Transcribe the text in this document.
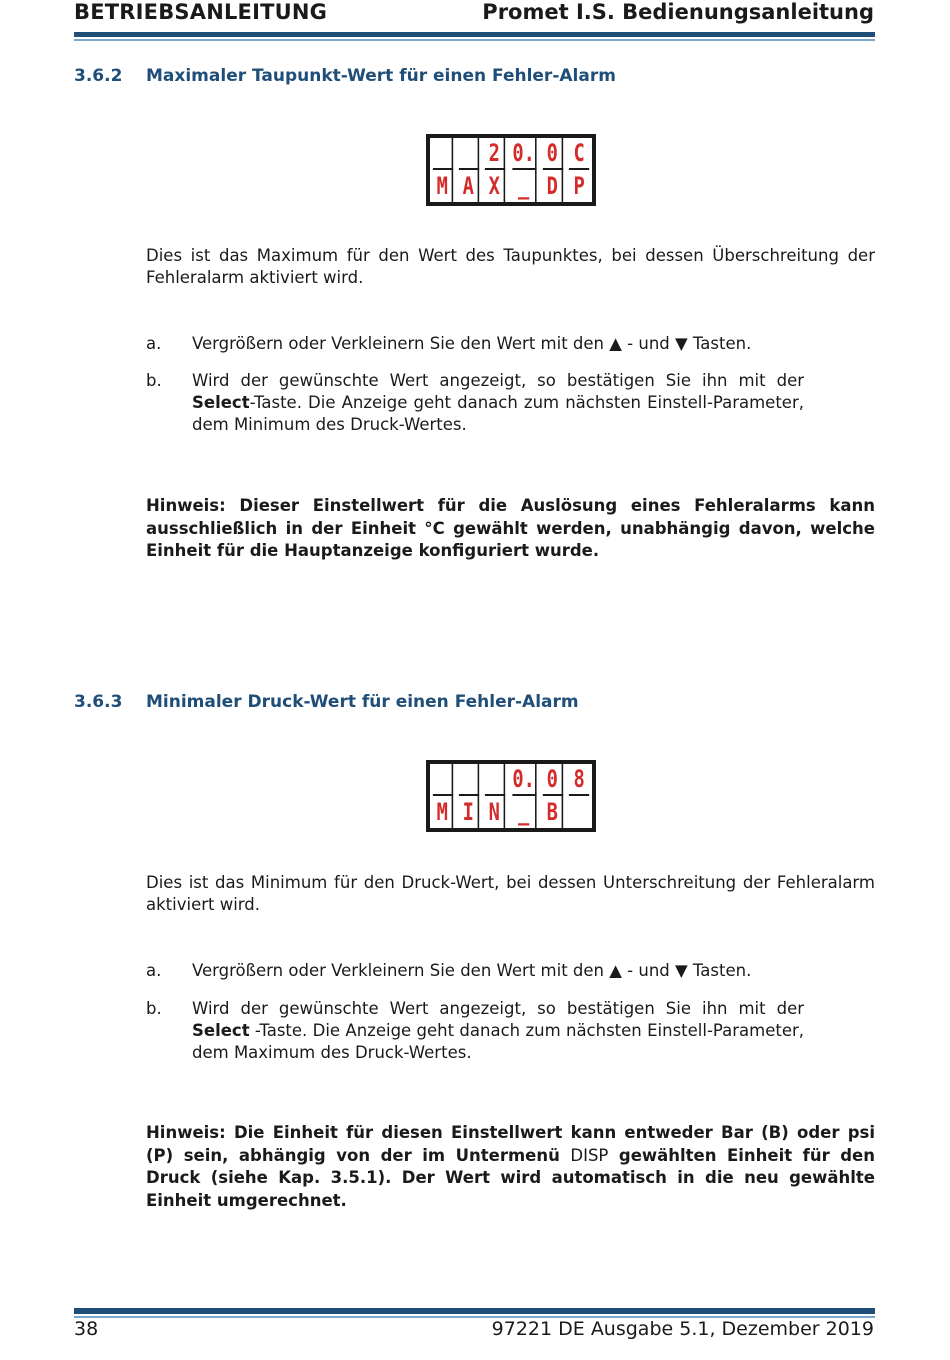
BETRIEBSANLEITUNG	Promet I.S. Bedienungsanleitung
3.6.2 Maximaler Taupunkt-Wert für einen Fehler-Alarm
2 0. 0 C
M A X _ D P
Dies ist das Maximum für den Wert des Taupunktes, bei dessen Überschreitung der Fehleralarm aktiviert wird.
a. Vergrößern oder Verkleinern Sie den Wert mit den ▲ - und ▼ Tasten.
b. Wird der gewünschte Wert angezeigt, so bestätigen Sie ihn mit der Select-Taste. Die Anzeige geht danach zum nächsten Einstell-Parameter, dem Minimum des Druck-Wertes.
Hinweis: Dieser Einstellwert für die Auslösung eines Fehleralarms kann ausschließlich in der Einheit °C gewählt werden, unabhängig davon, welche Einheit für die Hauptanzeige konfiguriert wurde.
3.6.3 Minimaler Druck-Wert für einen Fehler-Alarm
0. 0 8
M I N _ B
Dies ist das Minimum für den Druck-Wert, bei dessen Unterschreitung der Fehleralarm aktiviert wird.
a. Vergrößern oder Verkleinern Sie den Wert mit den ▲ - und ▼ Tasten.
b. Wird der gewünschte Wert angezeigt, so bestätigen Sie ihn mit der Select -Taste. Die Anzeige geht danach zum nächsten Einstell-Parameter, dem Maximum des Druck-Wertes.
Hinweis: Die Einheit für diesen Einstellwert kann entweder Bar (B) oder psi (P) sein, abhängig von der im Untermenü DISP gewählten Einheit für den Druck (siehe Kap. 3.5.1). Der Wert wird automatisch in die neu gewählte Einheit umgerechnet.
38	97221 DE Ausgabe 5.1, Dezember 2019
